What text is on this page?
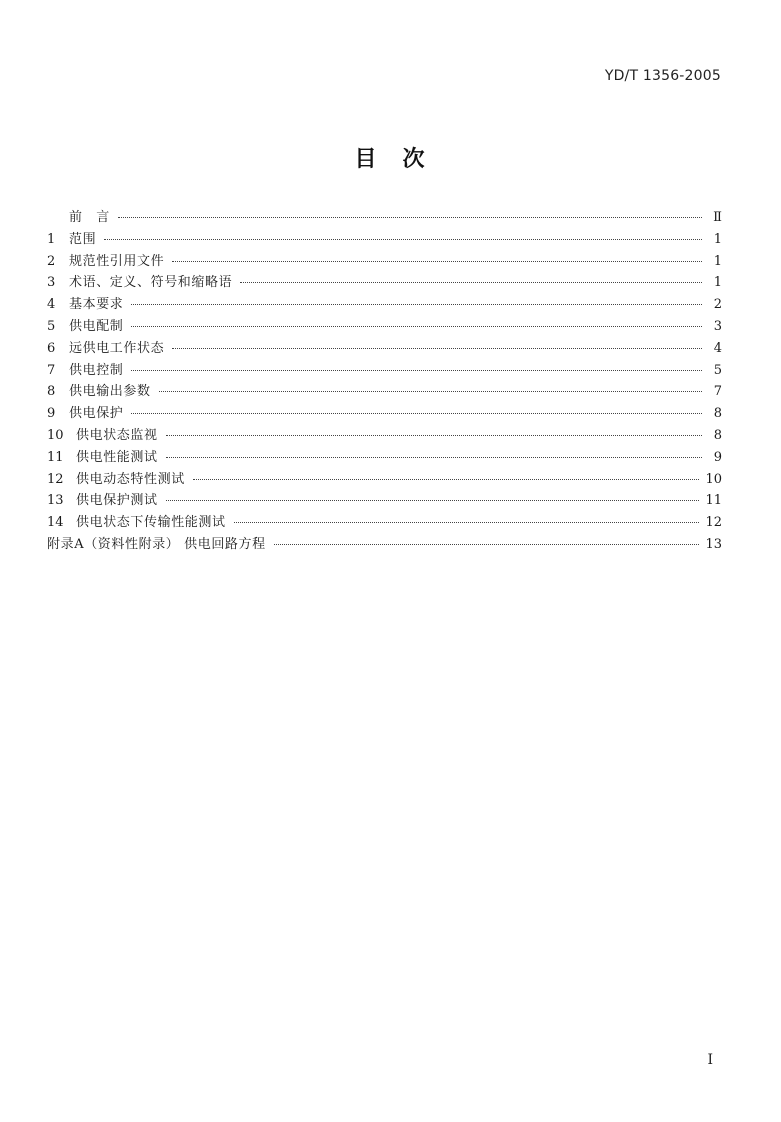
YD/T 1356-2005
目　次
前　言	Ⅱ
1	范围	1
2	规范性引用文件	1
3	术语、定义、符号和缩略语	1
4	基本要求	2
5	供电配制	3
6	远供电工作状态	4
7	供电控制	5
8	供电输出参数	7
9	供电保护	8
10 供电状态监视	8
11 供电性能测试	9
12 供电动态特性测试	10
13 供电保护测试	11
14 供电状态下传输性能测试	12
附录A（资料性附录） 供电回路方程	13
I
